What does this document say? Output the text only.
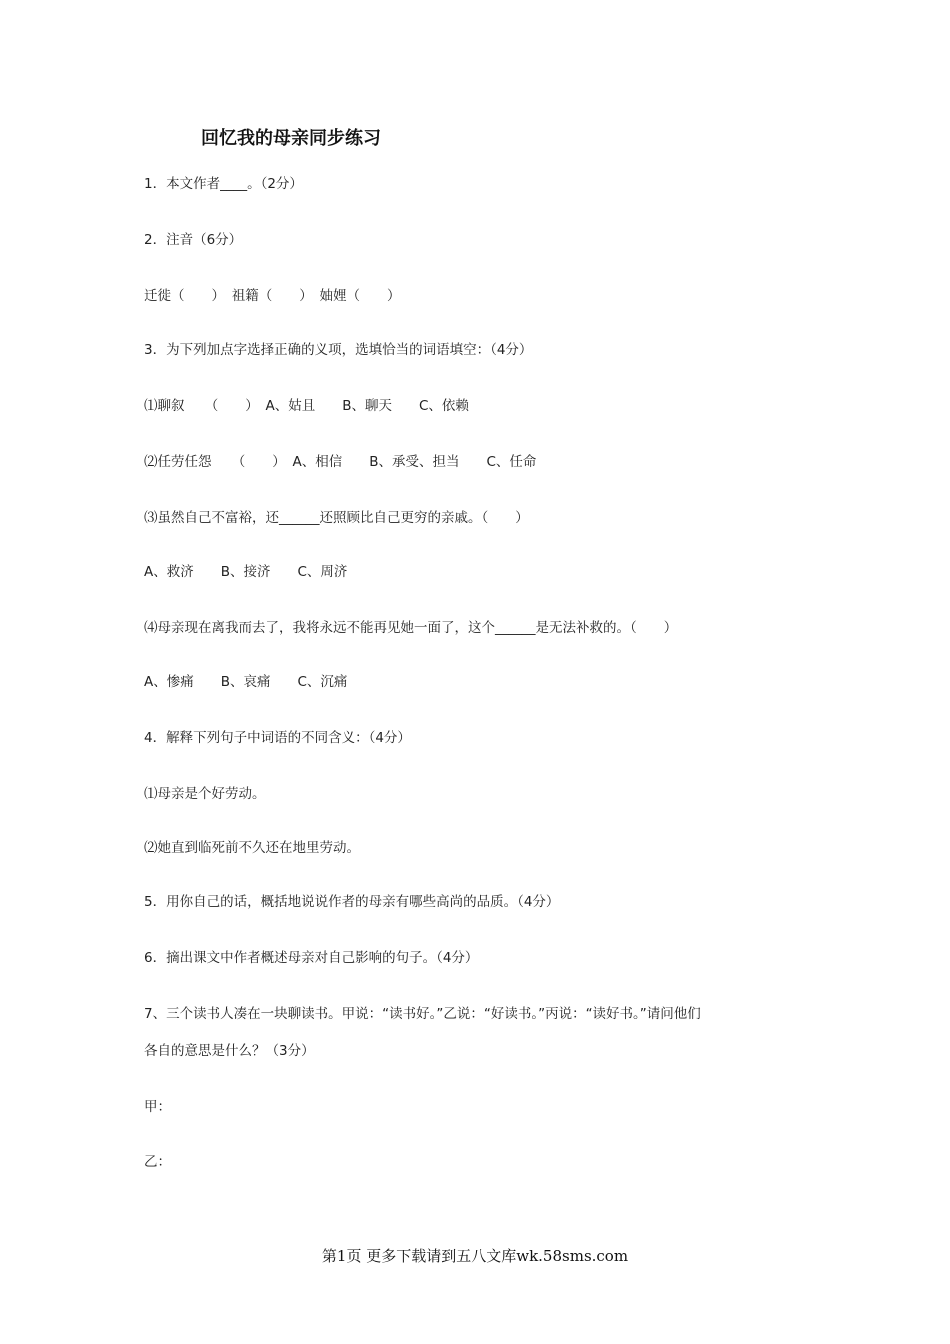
回忆我的母亲同步练习
1．本文作者____。（2分）
2．注音（6分）
迁徙（　　）　祖籍（　　）　妯娌（　　）
3．为下列加点字选择正确的义项，选填恰当的词语填空：（4分）
⑴聊叙　　（　　）　A、姑且　　B、聊天　　C、依赖
⑵任劳任怨　　（　　）　A、相信　　B、承受、担当　　C、任命
⑶虽然自己不富裕，还______还照顾比自己更穷的亲戚。（　　）
A、救济　　B、接济　　C、周济
⑷母亲现在离我而去了，我将永远不能再见她一面了，这个______是无法补救的。（　　）
A、惨痛　　B、哀痛　　C、沉痛
4．解释下列句子中词语的不同含义：（4分）
⑴母亲是个好劳动。
⑵她直到临死前不久还在地里劳动。
5．用你自己的话，概括地说说作者的母亲有哪些高尚的品质。（4分）
6．摘出课文中作者概述母亲对自己影响的句子。（4分）
7、三个读书人凑在一块聊读书。甲说：“读书好。”乙说：“好读书。”丙说：“读好书。”请问他们
各自的意思是什么？（3分）
甲：
乙：
第1页 更多下载请到五八文库wk.58sms.com
